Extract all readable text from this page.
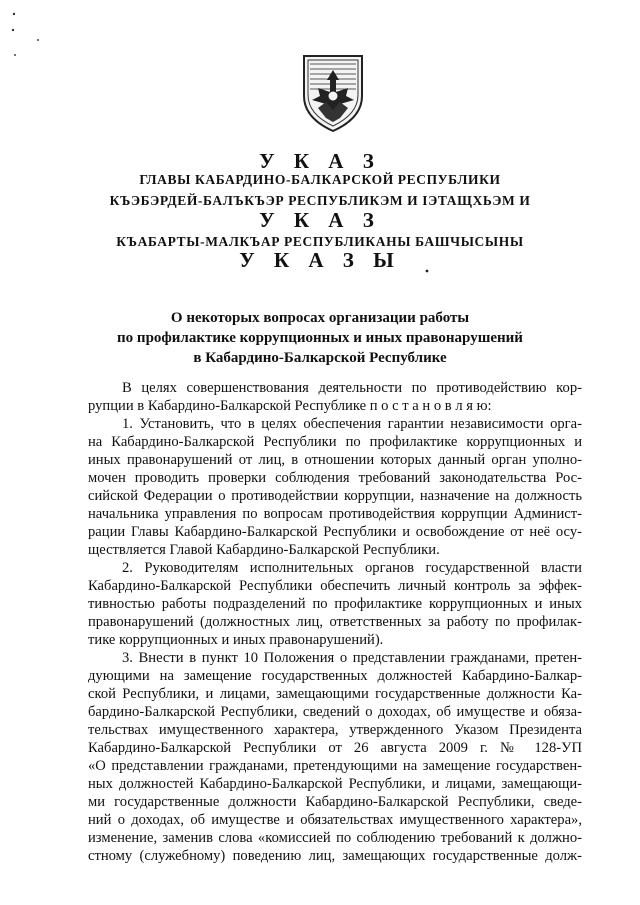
У К А З
ГЛАВЫ КАБАРДИНО-БАЛКАРСКОЙ РЕСПУБЛИКИ
КЪЭБЭРДЕЙ-БАЛЪКЪЭР РЕСПУБЛИКЭМ И IЭТАЩХЬЭМ И
У К А З
КЪАБАРТЫ-МАЛКЪАР РЕСПУБЛИКАНЫ БАШЧЫСЫНЫ
У К А З Ы
О некоторых вопросах организации работы
по профилактике коррупционных и иных правонарушений
в Кабардино-Балкарской Республике
В целях совершенствования деятельности по противодействию кор-
рупции в Кабардино-Балкарской Республике п о с т а н о в л я ю:
1. Установить, что в целях обеспечения гарантии независимости орга-
на Кабардино-Балкарской Республики по профилактике коррупционных и
иных правонарушений от лиц, в отношении которых данный орган уполно-
мочен проводить проверки соблюдения требований законодательства Рос-
сийской Федерации о противодействии коррупции, назначение на должность
начальника управления по вопросам противодействия коррупции Админист-
рации Главы Кабардино-Балкарской Республики и освобождение от неё осу-
ществляется Главой Кабардино-Балкарской Республики.
2. Руководителям исполнительных органов государственной власти
Кабардино-Балкарской Республики обеспечить личный контроль за эффек-
тивностью работы подразделений по профилактике коррупционных и иных
правонарушений (должностных лиц, ответственных за работу по профилак-
тике коррупционных и иных правонарушений).
3. Внести в пункт 10 Положения о представлении гражданами, претен-
дующими на замещение государственных должностей Кабардино-Балкар-
ской Республики, и лицами, замещающими государственные должности Ка-
бардино-Балкарской Республики, сведений о доходах, об имуществе и обяза-
тельствах имущественного характера, утвержденного Указом Президента
Кабардино-Балкарской Республики от 26 августа 2009 г. № 128-УП
«О представлении гражданами, претендующими на замещение государствен-
ных должностей Кабардино-Балкарской Республики, и лицами, замещающи-
ми государственные должности Кабардино-Балкарской Республики, сведе-
ний о доходах, об имуществе и обязательствах имущественного характера»,
изменение, заменив слова «комиссией по соблюдению требований к должно-
стному (служебному) поведению лиц, замещающих государственные долж-
